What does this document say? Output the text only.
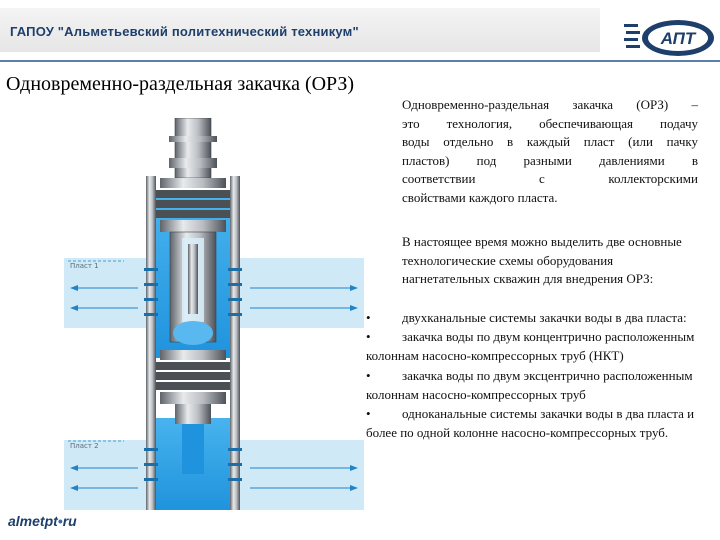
ГАПОУ "Альметьевский политехнический техникум"	АПТ
Одновременно-раздельная закачка (ОРЗ)
Пласт 1
Пласт 2
Одновременно-раздельная закачка (ОРЗ) –
это технология, обеспечивающая подачу
воды отдельно в каждый пласт (или пачку
пластов) под разными давлениями в
соответствии с коллекторскими
свойствами каждого пласта.
В настоящее время можно выделить две основные технологические схемы оборудования нагнетательных скважин для внедрения ОРЗ:
• двухканальные системы закачки воды в два пласта:
• закачка воды по двум концентрично расположенным колоннам насосно-компрессорных труб (НКТ)
• закачка воды по двум эксцентрично расположенным колоннам насосно-компрессорных труб
• одноканальные системы закачки воды в два пласта и более по одной колонне насосно-компрессорных труб.
almetpt•ru
